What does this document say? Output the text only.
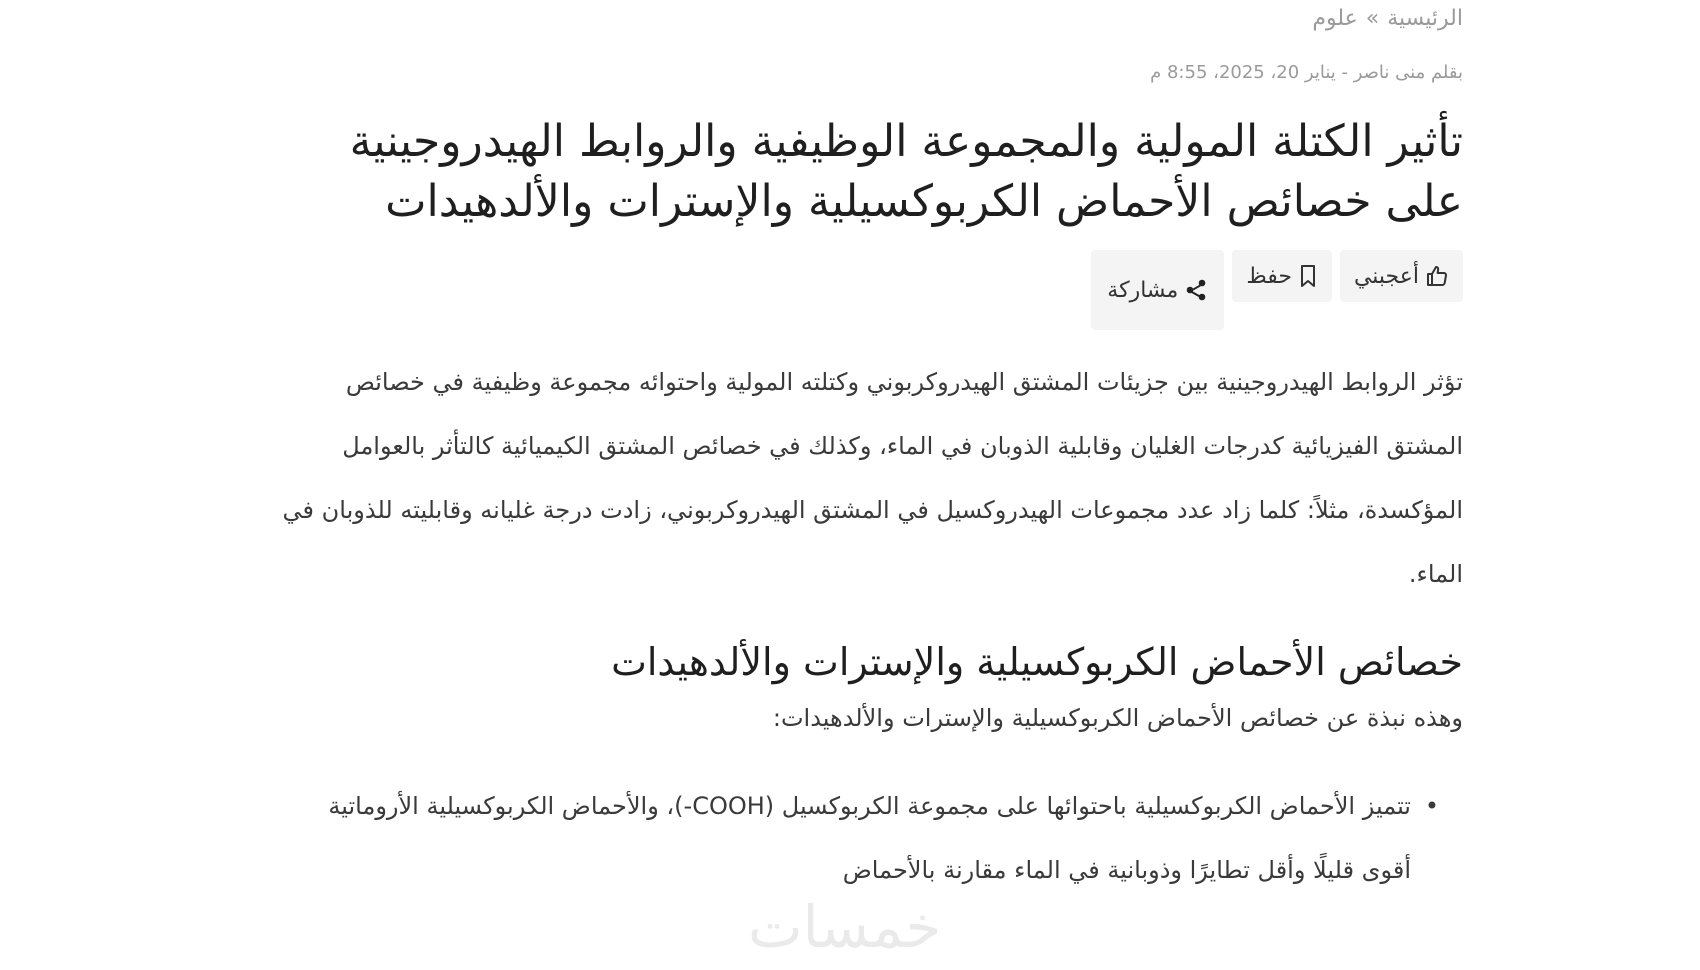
الرئيسية»علوم
بقلم منى ناصر - يناير 20، 2025، 8:55 م
تأثير الكتلة المولية والمجموعة الوظيفية والروابط الهيدروجينية على خصائص الأحماض الكربوكسيلية والإسترات والألدهيدات
أعجبني
حفظ
مشاركة

تؤثر الروابط الهيدروجينية بين جزيئات المشتق الهيدروكربوني وكتلته المولية واحتوائه مجموعة وظيفية في خصائص المشتق الفيزيائية كدرجات الغليان وقابلية الذوبان في الماء، وكذلك في خصائص المشتق الكيميائية كالتأثر بالعوامل المؤكسدة، مثلاً: كلما زاد عدد مجموعات الهيدروكسيل في المشتق الهيدروكربوني، زادت درجة غليانه وقابليته للذوبان في الماء.

خصائص الأحماض الكربوكسيلية والإسترات والألدهيدات

وهذه نبذة عن خصائص الأحماض الكربوكسيلية والإسترات والألدهيدات:

•
تتميز الأحماض الكربوكسيلية باحتوائها على مجموعة الكربوكسيل (COOH-)، والأحماض الكربوكسيلية الأروماتية أقوى قليلًا وأقل تطايرًا وذوبانية في الماء مقارنة بالأحماض
خمسات
